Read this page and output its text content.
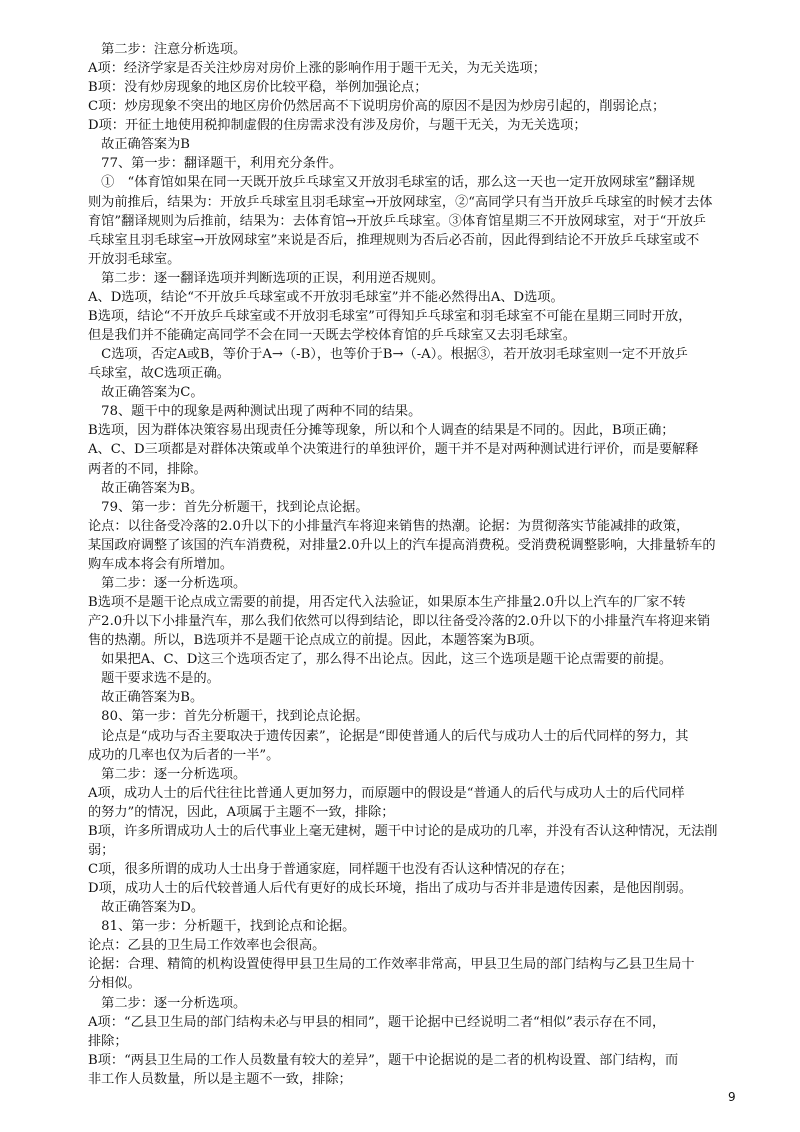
　第二步：注意分析选项。
A项：经济学家是否关注炒房对房价上涨的影响作用于题干无关，为无关选项；
B项：没有炒房现象的地区房价比较平稳，举例加强论点；
C项：炒房现象不突出的地区房价仍然居高不下说明房价高的原因不是因为炒房引起的，削弱论点；
D项：开征土地使用税抑制虚假的住房需求没有涉及房价，与题干无关，为无关选项；
　故正确答案为B
　77、第一步：翻译题干，利用充分条件。
　①　“体育馆如果在同一天既开放乒乓球室又开放羽毛球室的话，那么这一天也一定开放网球室”翻译规
则为前推后，结果为：开放乒乓球室且羽毛球室→开放网球室，②“高同学只有当开放乒乓球室的时候才去体
育馆”翻译规则为后推前，结果为：去体育馆→开放乒乓球室。③体育馆星期三不开放网球室，对于“开放乒
乓球室且羽毛球室→开放网球室”来说是否后，推理规则为否后必否前，因此得到结论不开放乒乓球室或不
开放羽毛球室。
　第二步：逐一翻译选项并判断选项的正误，利用逆否规则。
A、D选项，结论“不开放乒乓球室或不开放羽毛球室”并不能必然得出A、D选项。
B选项，结论“不开放乒乓球室或不开放羽毛球室”可得知乒乓球室和羽毛球室不可能在星期三同时开放，
但是我们并不能确定高同学不会在同一天既去学校体育馆的乒乓球室又去羽毛球室。
　C选项，否定A或B，等价于A→（-B），也等价于B→（-A）。根据③，若开放羽毛球室则一定不开放乒
乓球室，故C选项正确。
　故正确答案为C。
　78、题干中的现象是两种测试出现了两种不同的结果。
B选项，因为群体决策容易出现责任分摊等现象，所以和个人调查的结果是不同的。因此，B项正确；
A、C、D三项都是对群体决策或单个决策进行的单独评价，题干并不是对两种测试进行评价，而是要解释
两者的不同，排除。
　故正确答案为B。
　79、第一步：首先分析题干，找到论点论据。
论点：以往备受冷落的2.0升以下的小排量汽车将迎来销售的热潮。论据：为贯彻落实节能减排的政策，
某国政府调整了该国的汽车消费税，对排量2.0升以上的汽车提高消费税。受消费税调整影响，大排量轿车的
购车成本将会有所增加。
　第二步：逐一分析选项。
B选项不是题干论点成立需要的前提，用否定代入法验证，如果原本生产排量2.0升以上汽车的厂家不转
产2.0升以下小排量汽车，那么我们依然可以得到结论，即以往备受冷落的2.0升以下的小排量汽车将迎来销
售的热潮。所以，B选项并不是题干论点成立的前提。因此，本题答案为B项。
　如果把A、C、D这三个选项否定了，那么得不出论点。因此，这三个选项是题干论点需要的前提。
　题干要求选不是的。
　故正确答案为B。
　80、第一步：首先分析题干，找到论点论据。
　论点是“成功与否主要取决于遗传因素”，论据是“即使普通人的后代与成功人士的后代同样的努力，其
成功的几率也仅为后者的一半”。
　第二步：逐一分析选项。
A项，成功人士的后代往往比普通人更加努力，而原题中的假设是“普通人的后代与成功人士的后代同样
的努力”的情况，因此，A项属于主题不一致，排除；
B项，许多所谓成功人士的后代事业上毫无建树，题干中讨论的是成功的几率，并没有否认这种情况，无法削
弱；
C项，很多所谓的成功人士出身于普通家庭，同样题干也没有否认这种情况的存在；
D项，成功人士的后代较普通人后代有更好的成长环境，指出了成功与否并非是遗传因素，是他因削弱。
　故正确答案为D。
　81、第一步：分析题干，找到论点和论据。
论点：乙县的卫生局工作效率也会很高。
论据：合理、精简的机构设置使得甲县卫生局的工作效率非常高，甲县卫生局的部门结构与乙县卫生局十
分相似。
　第二步：逐一分析选项。
A项：“乙县卫生局的部门结构未必与甲县的相同”，题干论据中已经说明二者“相似”表示存在不同，
排除；
B项：“两县卫生局的工作人员数量有较大的差异”，题干中论据说的是二者的机构设置、部门结构，而
非工作人员数量，所以是主题不一致，排除；
9
